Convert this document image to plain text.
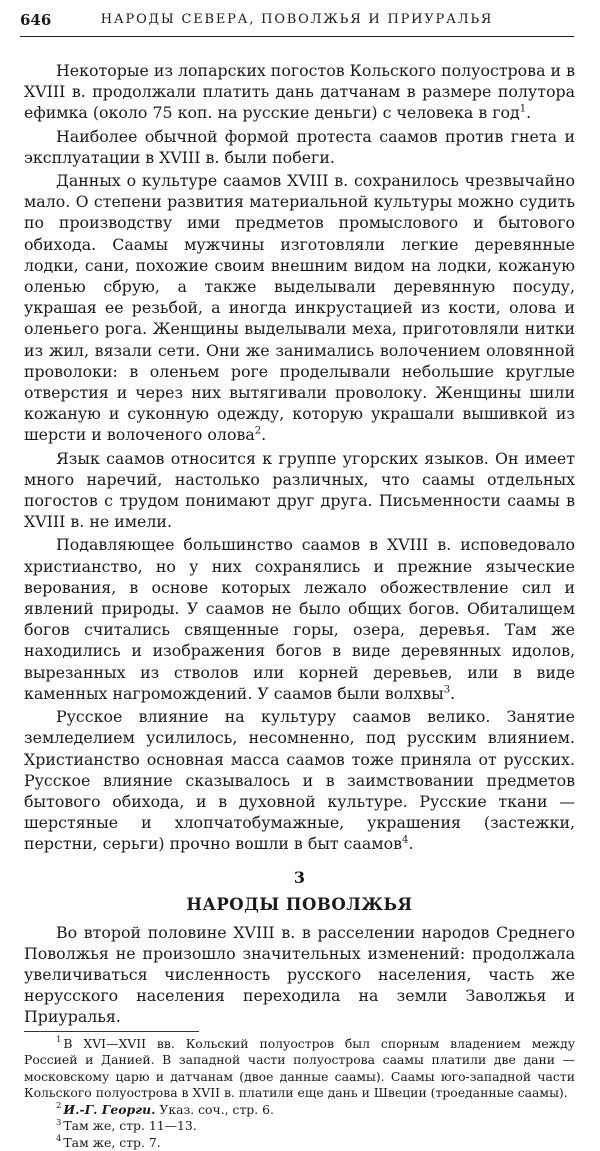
646	НАРОДЫ СЕВЕРА, ПОВОЛЖЬЯ И ПРИУРАЛЬЯ

Некоторые из лопарских погостов Кольского полуострова и в XVIII в. продолжали платить дань датчанам в размере полутора ефимка (около 75 коп. на русские деньги) с человека в год$^1$.

Наиболее обычной формой протеста саамов против гнета и эксплуатации в XVIII в. были побеги.

Данных о культуре саамов XVIII в. сохранилось чрезвычайно мало. О степени развития материальной культуры можно судить по производству ими предметов промыслового и бытового обихода. Саамы мужчины изготовляли легкие деревянные лодки, сани, похожие своим внешним видом на лодки, кожаную оленью сбрую, а также выделывали деревянную посуду, украшая ее резьбой, а иногда инкрустацией из кости, олова и оленьего рога. Женщины выделывали меха, приготовляли нитки из жил, вязали сети. Они же занимались волочением оловянной проволоки: в оленьем роге проделывали небольшие круглые отверстия и через них вытягивали проволоку. Женщины шили кожаную и суконную одежду, которую украшали вышивкой из шерсти и волоченого олова$^2$.

Язык саамов относится к группе угорских языков. Он имеет много наречий, настолько различных, что саамы отдельных погостов с трудом понимают друг друга. Письменности саамы в XVIII в. не имели.

Подавляющее большинство саамов в XVIII в. исповедовало христианство, но у них сохранялись и прежние языческие верования, в основе которых лежало обожествление сил и явлений природы. У саамов не было общих богов. Обиталищем богов считались священные горы, озера, деревья. Там же находились и изображения богов в виде деревянных идолов, вырезанных из стволов или корней деревьев, или в виде каменных нагромождений. У саамов были волхвы$^3$.

Русское влияние на культуру саамов велико. Занятие земледелием усилилось, несомненно, под русским влиянием. Христианство основная масса саамов тоже приняла от русских. Русское влияние сказывалось и в заимствовании предметов бытового обихода, и в духовной культуре. Русские ткани — шерстяные и хлопчатобумажные, украшения (застежки, перстни, серьги) прочно вошли в быт саамов$^4$.

3
НАРОДЫ ПОВОЛЖЬЯ

Во второй половине XVIII в. в расселении народов Среднего Поволжья не произошло значительных изменений: продолжала увеличиваться численность русского населения, часть же нерусского населения переходила на земли Заволжья и Приуралья.

$^1$ В XVI—XVII вв. Кольский полуостров был спорным владением между Россией и Данией. В западной части полуострова саамы платили две дани — московскому царю и датчанам (двое данные саамы). Саамы юго-западной части Кольского полуострова в XVII в. платили еще дань и Швеции (троеданные саамы).

$^2$ И.-Г. Георги. Указ. соч., стр. 6.

$^3$ Там же, стр. 11—13.

$^4$ Там же, стр. 7.
